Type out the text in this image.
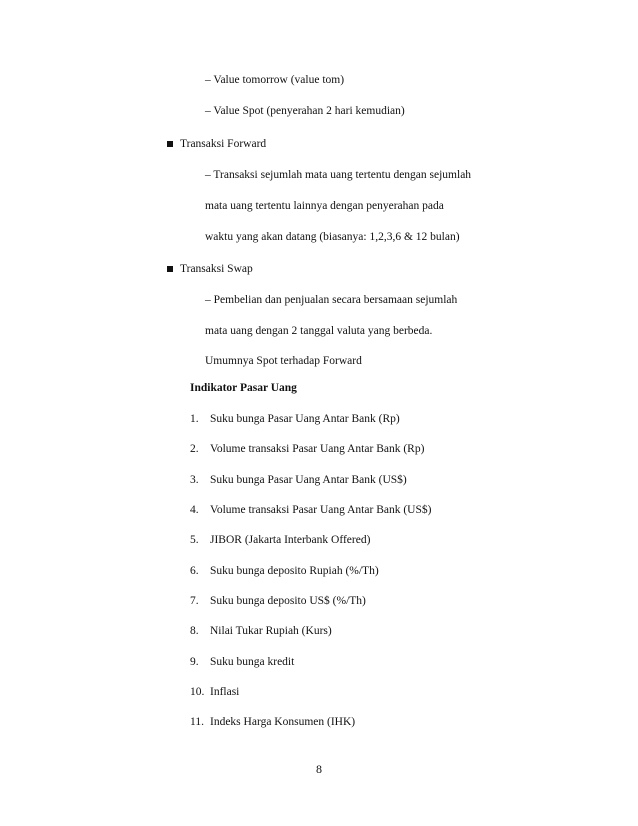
– Value tomorrow (value tom)
– Value Spot (penyerahan 2 hari kemudian)
Transaksi Forward
– Transaksi sejumlah mata uang tertentu dengan sejumlah
mata uang tertentu lainnya dengan penyerahan pada
waktu yang akan datang (biasanya: 1,2,3,6 & 12 bulan)
Transaksi Swap
– Pembelian dan penjualan secara bersamaan sejumlah
mata uang dengan 2 tanggal valuta yang berbeda.
Umumnya Spot terhadap Forward
Indikator Pasar Uang
1. Suku bunga Pasar Uang Antar Bank (Rp)
2. Volume transaksi Pasar Uang Antar Bank (Rp)
3. Suku bunga Pasar Uang Antar Bank (US$)
4. Volume transaksi Pasar Uang Antar Bank (US$)
5. JIBOR (Jakarta Interbank Offered)
6. Suku bunga deposito Rupiah (%/Th)
7. Suku bunga deposito US$ (%/Th)
8. Nilai Tukar Rupiah (Kurs)
9. Suku bunga kredit
10. Inflasi
11. Indeks Harga Konsumen (IHK)
8
